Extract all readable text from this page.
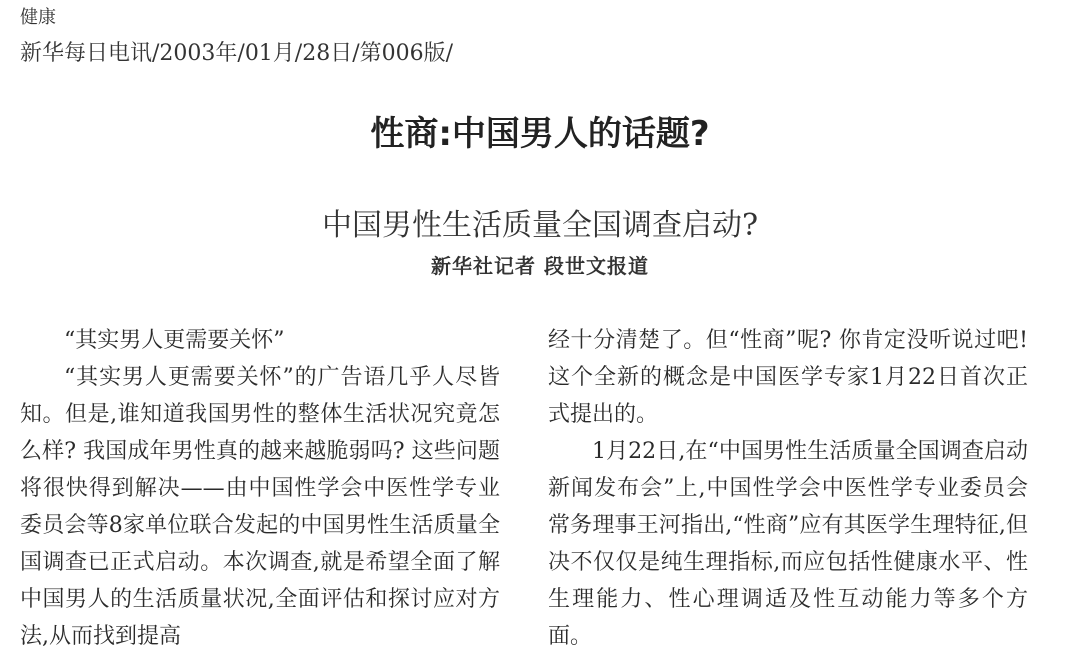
健康
新华每日电讯/2003年/01月/28日/第006版/
性商:中国男人的话题?
中国男性生活质量全国调查启动?
新华社记者 段世文报道

“其实男人更需要关怀”

“其实男人更需要关怀”的广告语几乎人尽皆知。但是,谁知道我国男性的整体生活状况究竟怎么样? 我国成年男性真的越来越脆弱吗? 这些问题将很快得到解决——由中国性学会中医性学专业委员会等8家单位联合发起的中国男性生活质量全国调查已正式启动。本次调查,就是希望全面了解中国男人的生活质量状况,全面评估和探讨应对方法,从而找到提高

经十分清楚了。但“性商”呢? 你肯定没听说过吧! 这个全新的概念是中国医学专家1月22日首次正式提出的。

1月22日,在“中国男性生活质量全国调查启动新闻发布会”上,中国性学会中医性学专业委员会常务理事王河指出,“性商”应有其医学生理特征,但决不仅仅是纯生理指标,而应包括性健康水平、性生理能力、性心理调适及性互动能力等多个方面。
